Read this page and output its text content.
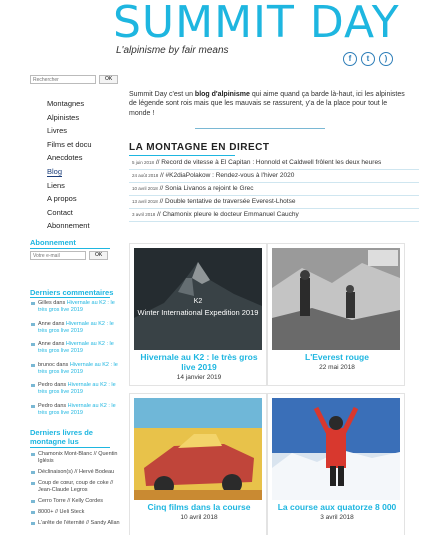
SUMMIT DAY
L'alpinisme by fair means
f	t	)
Rechercher
OK
Montagnes
Alpinistes
Livres
Films et docu
Anecdotes
Blog
Liens
A propos
Contact
Abonnement
Abonnement
Votre e-mail
OK
Derniers commentaires
Gilles dans Hivernale au K2 : le très gros live 2019
Anne dans Hivernale au K2 : le très gros live 2019
Anne dans Hivernale au K2 : le très gros live 2019
brunoc dans Hivernale au K2 : le très gros live 2019
Pedro dans Hivernale au K2 : le très gros live 2019
Pedro dans Hivernale au K2 : le très gros live 2019
Derniers livres de
montagne lus
Chamonix Mont-Blanc // Quentin Iglésis
Déclinaison(s) // Hervé Bodeau
Coup de cœur, coup de coke // Jean-Claude Legros
Cerro Torre // Kelly Cordes
8000+ // Ueli Steck
L'arête de l'éternité // Sandy Allan
Summit Day c'est un blog d'alpinisme qui aime quand ça barde là-haut, ici les alpinistes de légende sont rois mais que les mauvais se rassurent, y'a de la place pour tout le monde !
LA MONTAGNE EN DIRECT
5 juin 2018 // Record de vitesse à El Capitan : Honnold et Caldwell frôlent les deux heures
24 août 2018 // #K2diaPolakow : Rendez-vous à l'hiver 2020
10 avril 2018 // Sonia Livanos a rejoint le Grec
13 avril 2018 // Double tentative de traversée Everest-Lhotse
3 avril 2018 // Chamonix pleure le docteur Emmanuel Cauchy
K2
Winter International Expedition 2019
Hivernale au K2 : le très gros live 2019
14 janvier 2019
L'Everest rouge
22 mai 2018
Cinq films dans la course
10 avril 2018
La course aux quatorze 8 000
3 avril 2018
